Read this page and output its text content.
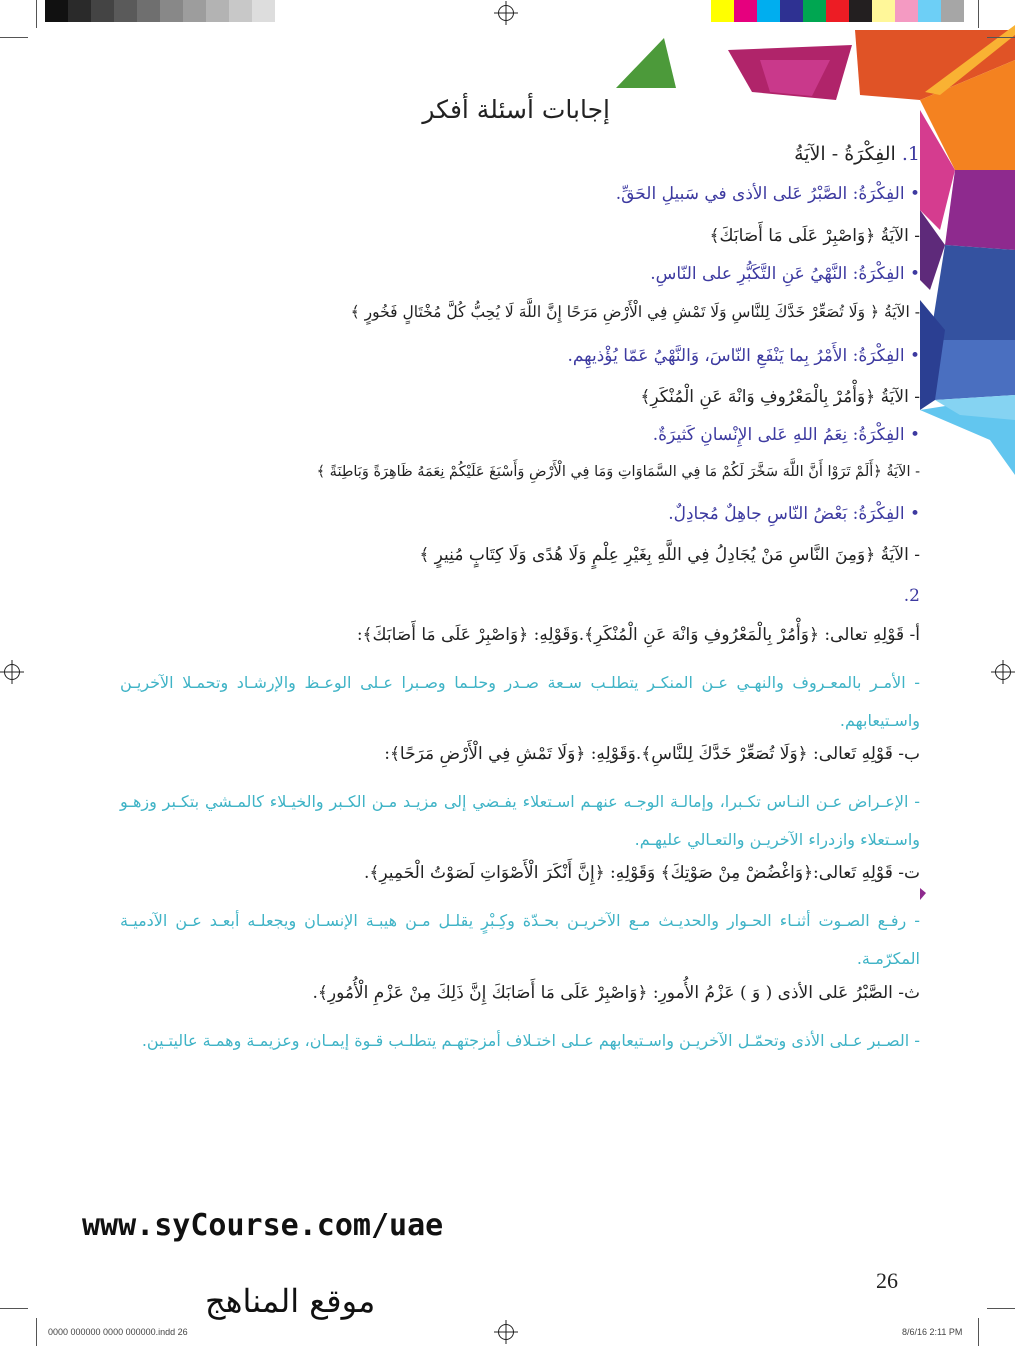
إجابات أسئلة أفكر
1. الفِكْرَةُ - الآيَةُ
• الفِكْرَةُ: الصَّبْرُ عَلى الأذى في سَبيلِ الحَقِّ.
- الآيَةُ ﴿وَاصْبِرْ عَلَى مَا أَصَابَكَ﴾
• الفِكْرَةُ: النَّهْيُ عَنِ التَّكَبُّرِ على النّاسِ.
- الآيَةُ ﴿ وَلَا تُصَعِّرْ خَدَّكَ لِلنَّاسِ وَلَا تَمْشِ فِي الْأَرْضِ مَرَحًا إِنَّ اللَّهَ لَا يُحِبُّ كُلَّ مُخْتَالٍ فَخُورٍ ﴾
• الفِكْرَةُ: الأَمْرُ بِما يَنْفَعِ النّاسَ، وَالنَّهْيُ عَمّا يُؤْذيهِم.
- الآيَةُ ﴿وَأْمُرْ بِالْمَعْرُوفِ وَانْهَ عَنِ الْمُنْكَرِ﴾
• الفِكْرَةُ: نِعَمُ اللهِ عَلى الإِنْسانِ كَثيرَةٌ.
- الآيَةُ ﴿أَلَمْ تَرَوْا أَنَّ اللَّهَ سَخَّرَ لَكُمْ مَا فِي السَّمَاوَاتِ وَمَا فِي الْأَرْضِ وَأَسْبَغَ عَلَيْكُمْ نِعَمَهُ ظَاهِرَةً وَبَاطِنَةً ﴾
• الفِكْرَةُ: بَعْضُ النّاسِ جاهِلٌ مُجادِلٌ.
- الآيَةُ ﴿وَمِنَ النَّاسِ مَنْ يُجَادِلُ فِي اللَّهِ بِغَيْرِ عِلْمٍ وَلَا هُدًى وَلَا كِتَابٍ مُنِيرٍ ﴾
2.
أ- قَوْلِهِ تعالى: ﴿وَأْمُرْ بِالْمَعْرُوفِ وَانْهَ عَنِ الْمُنْكَرِ﴾.وَقَوْلِهِ: ﴿وَاصْبِرْ عَلَى مَا أَصَابَكَ﴾:
- الأمـر بالمعـروف والنهـي عـن المنكـر يتطلـب سـعة صـدر وحلـما وصـبرا عـلى الوعـظ والإرشـاد وتحمـلا الآخريـن واسـتيعابهم.
ب- قَوْلِهِ تَعالى: ﴿وَلَا تُصَعِّرْ خَدَّكَ لِلنَّاسِ﴾.وَقَوْلِهِ: ﴿وَلَا تَمْشِ فِي الْأَرْضِ مَرَحًا﴾:
- الإعـراض عـن النـاس تكـبرا، وإمالـة الوجـه عنهـم اسـتعلاء يفـضي إلى مزيـد مـن الكـبر والخيـلاء كالمـشي بتكـبر وزهـو واسـتعلاء وازدراء الآخريـن والتعـالي عليهـم.
ت- قَوْلِهِ تَعالى:﴿وَاغْضُضْ مِنْ صَوْتِكَ﴾ وَقَوْلِهِ: ﴿إِنَّ أَنْكَرَ الْأَصْوَاتِ لَصَوْتُ الْحَمِيرِ﴾.
- رفـع الصـوت أثنـاء الحـوار والحديـث مـع الآخريـن بحـدّة وكِـبْرٍ يقلـل مـن هيبـة الإنسـان ويجعلـه أبعـد عـن الآدميـة المكرّمـة.
ث- الصَّبْرُ عَلى الأذى ( وَ ) عَزْمُ الأُمورِ: ﴿وَاصْبِرْ عَلَى مَا أَصَابَكَ إِنَّ ذَلِكَ مِنْ عَزْمِ الْأُمُورِ﴾.
- الصـبر عـلى الأذى وتحمّـل الآخريـن واسـتيعابهم عـلى اختـلاف أمزجتهـم يتطلـب قـوة إيمـان، وعزيمـة وهمـة عاليتـين.
www.syCourse.com/uae
26
موقع المناهج
0000 000000 0000 000000.indd 26	8/6/16 2:11 PM
